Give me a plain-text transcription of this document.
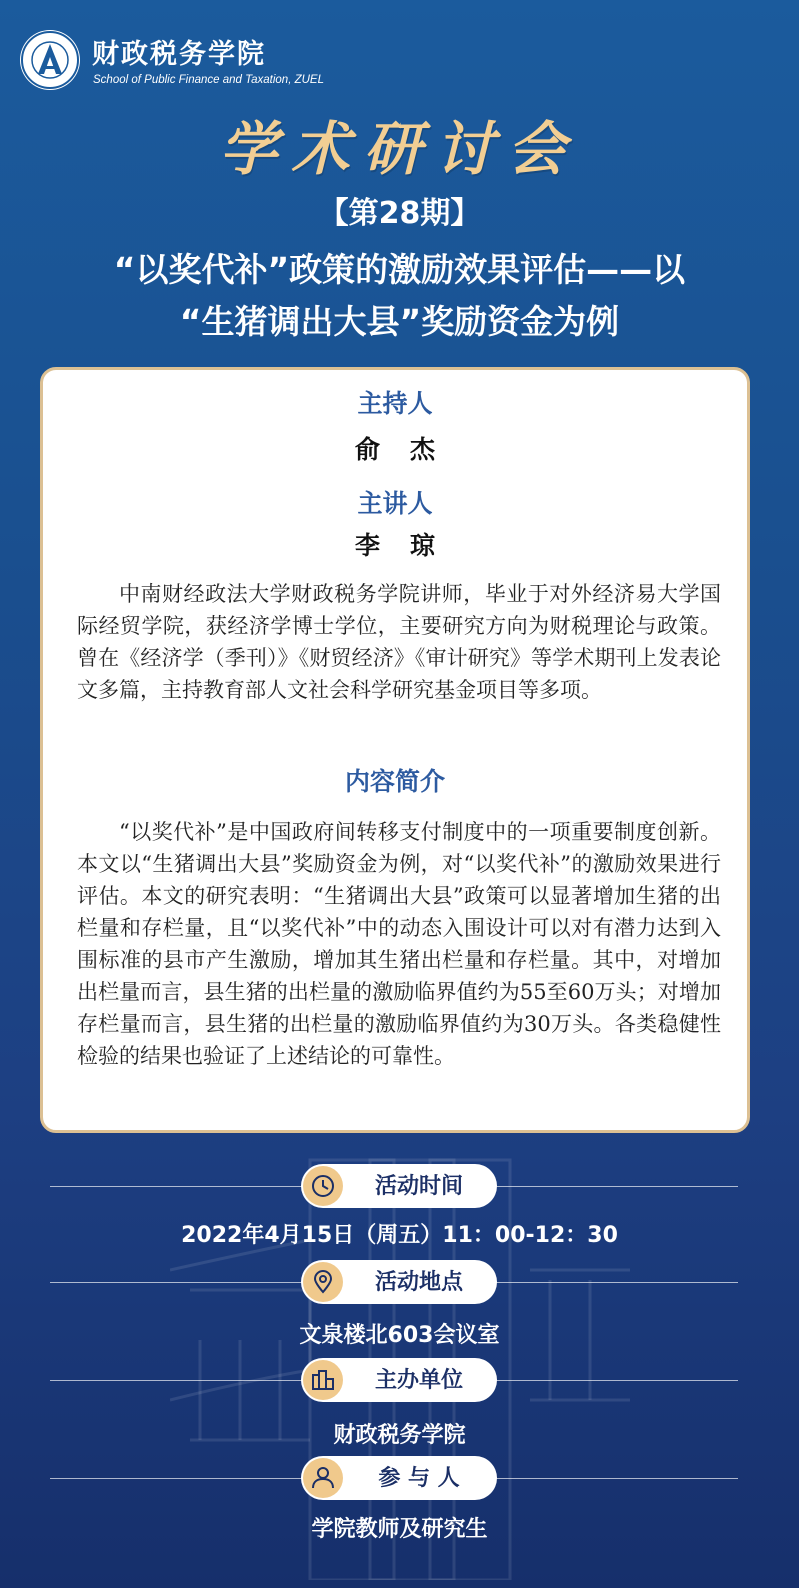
财政税务学院
School of Public Finance and Taxation, ZUEL
学术研讨会
【第28期】
“以奖代补”政策的激励效果评估——以
“生猪调出大县”奖励资金为例
主持人
俞杰
主讲人
李琼

中南财经政法大学财政税务学院讲师，毕业于对外经济易大学国际经贸学院，获经济学博士学位，主要研究方向为财税理论与政策。曾在《经济学（季刊）》《财贸经济》《审计研究》等学术期刊上发表论文多篇，主持教育部人文社会科学研究基金项目等多项。

内容简介

“以奖代补”是中国政府间转移支付制度中的一项重要制度创新。本文以“生猪调出大县”奖励资金为例，对“以奖代补”的激励效果进行评估。本文的研究表明：“生猪调出大县”政策可以显著增加生猪的出栏量和存栏量，且“以奖代补”中的动态入围设计可以对有潜力达到入围标准的县市产生激励，增加其生猪出栏量和存栏量。其中，对增加出栏量而言，县生猪的出栏量的激励临界值约为55至60万头；对增加存栏量而言，县生猪的出栏量的激励临界值约为30万头。各类稳健性检验的结果也验证了上述结论的可靠性。

活动时间
2022年4月15日（周五）11：00-12：30
活动地点
文泉楼北603会议室
主办单位
财政税务学院
参 与 人
学院教师及研究生
